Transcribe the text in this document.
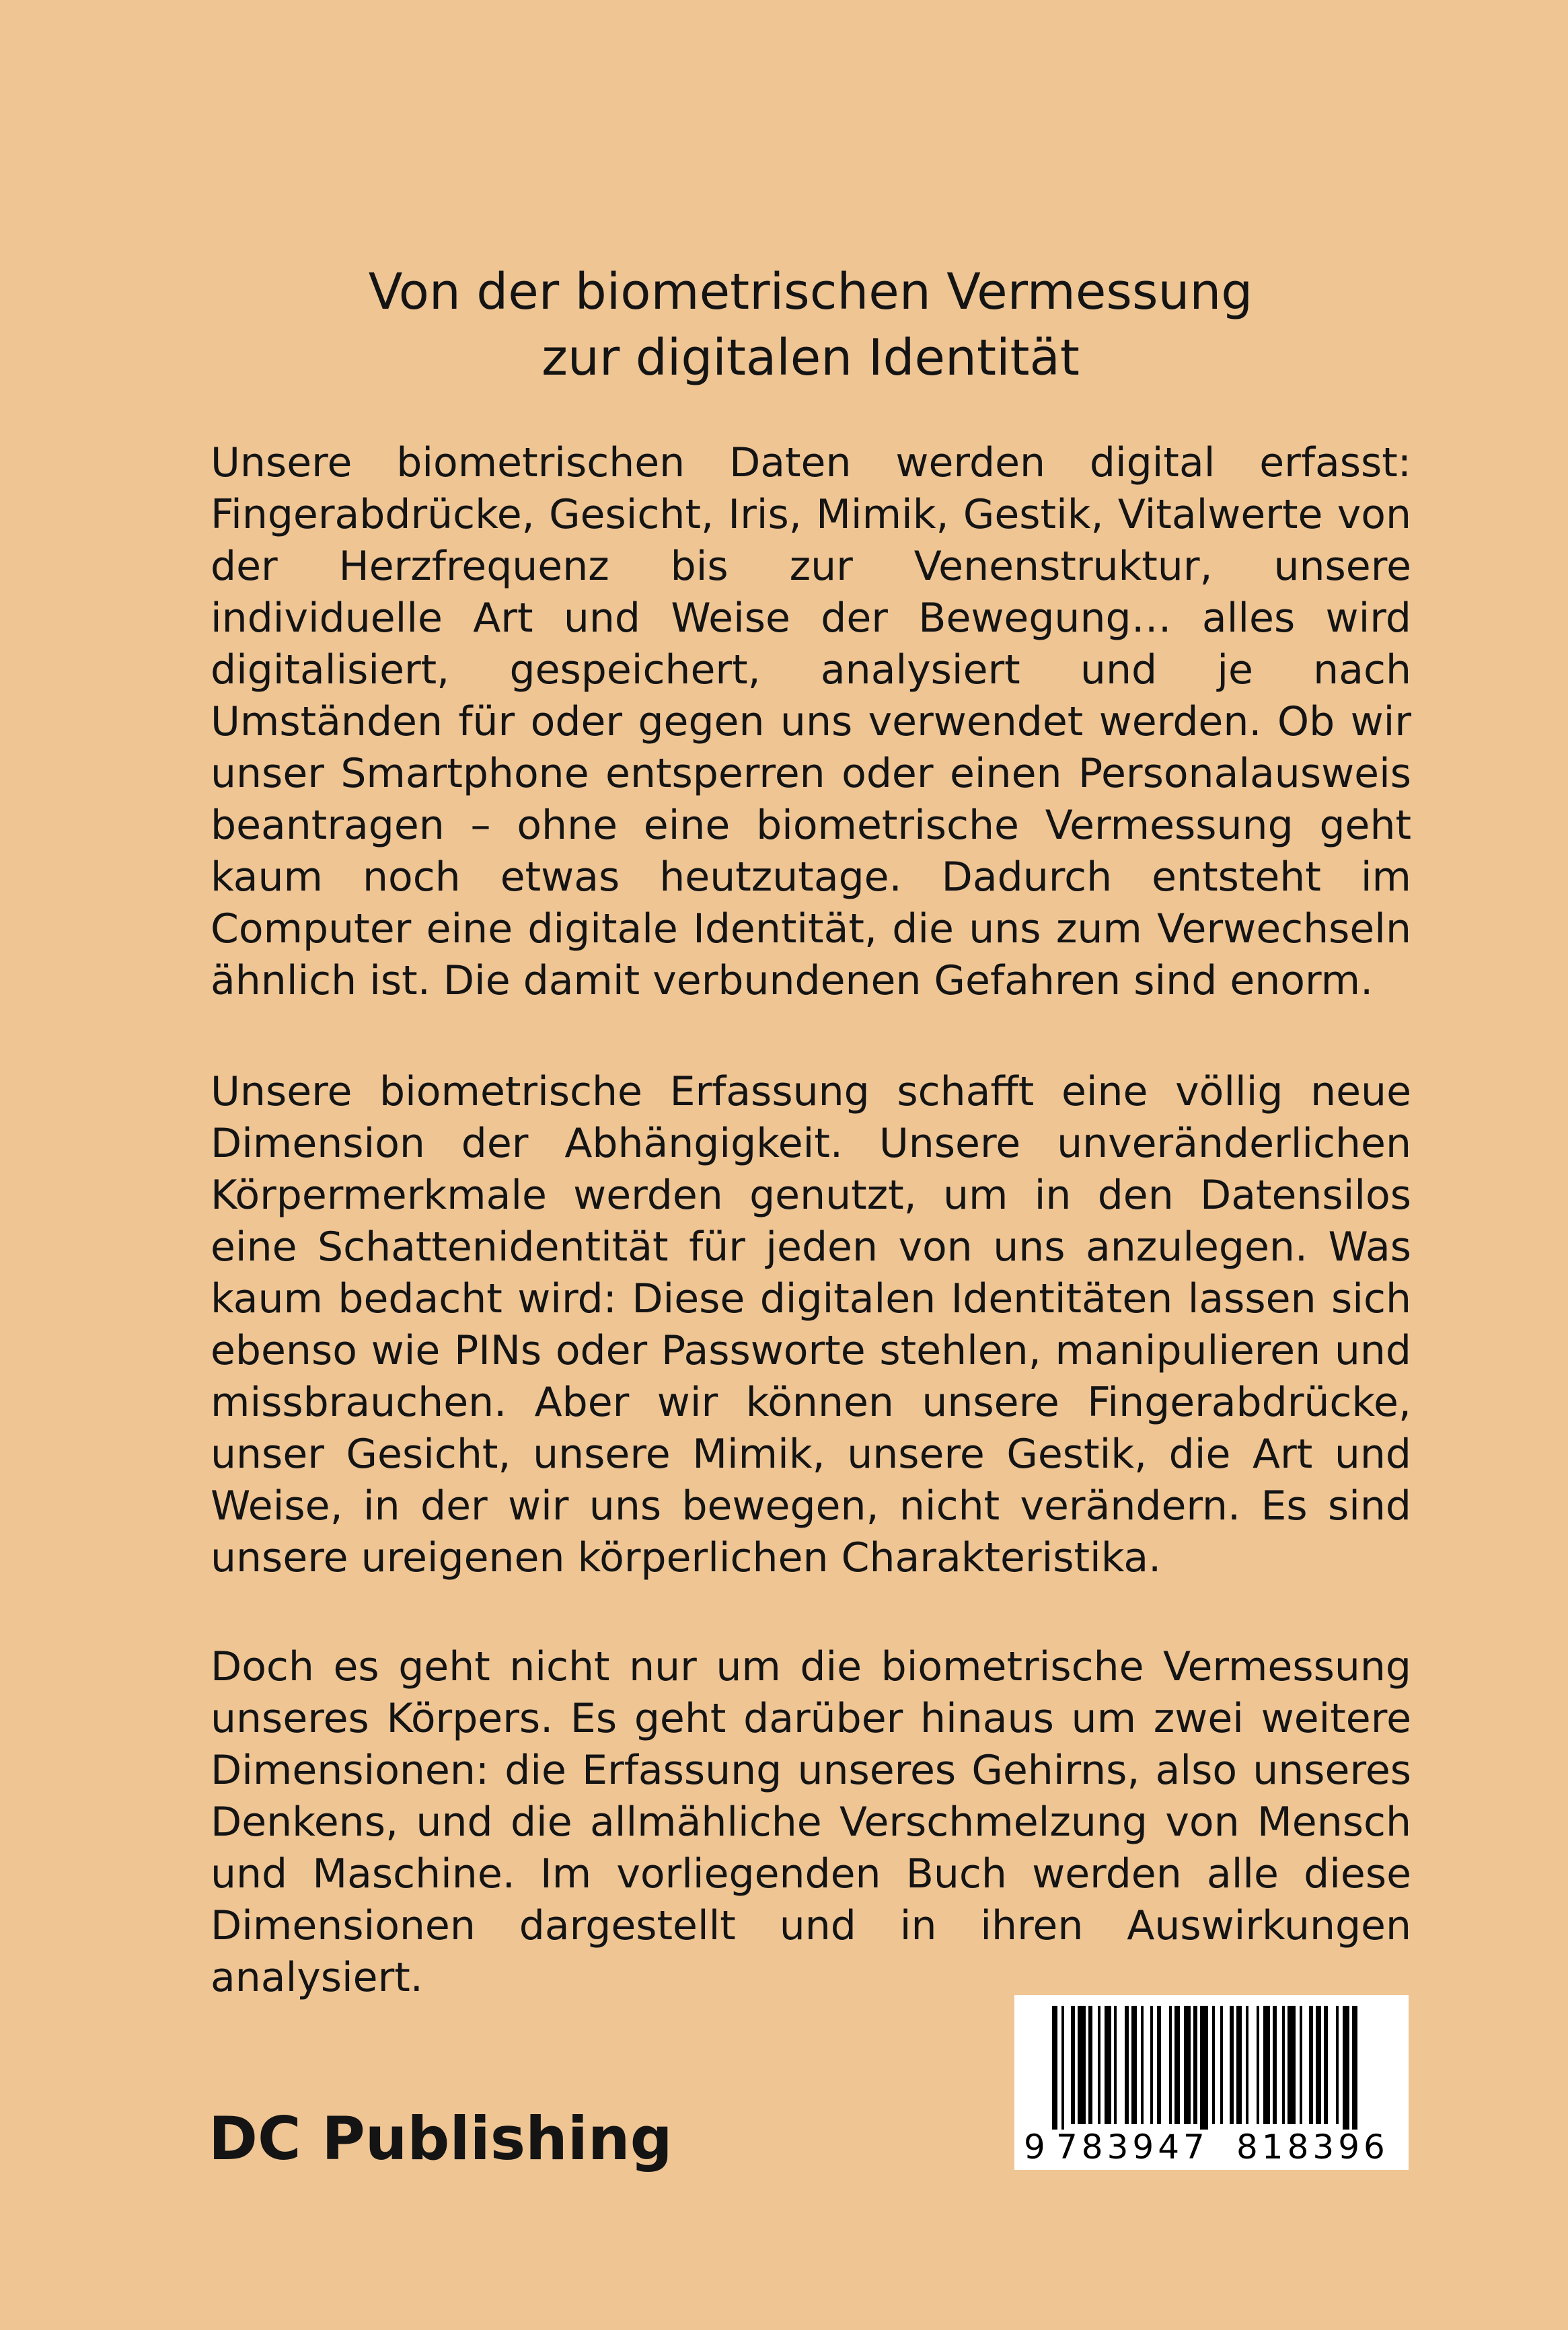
Von der biometrischen Vermessung
zur digitalen Identität

Unsere biometrischen Daten werden digital erfasst: Fingerabdrücke, Gesicht, Iris, Mimik, Gestik, Vitalwerte von der Herzfrequenz bis zur Venenstruktur, unsere individuelle Art und Weise der Bewegung… alles wird digitalisiert, gespeichert, analysiert und je nach Umständen für oder gegen uns verwendet werden. Ob wir unser Smartphone entsperren oder einen Personalausweis beantragen – ohne eine biometrische Vermessung geht kaum noch etwas heutzutage. Dadurch entsteht im Computer eine digitale Identität, die uns zum Verwechseln ähnlich ist. Die damit verbundenen Gefahren sind enorm.

Unsere biometrische Erfassung schafft eine völlig neue Dimension der Abhängigkeit. Unsere unveränderlichen Körpermerkmale werden genutzt, um in den Datensilos eine Schattenidentität für jeden von uns anzulegen. Was kaum bedacht wird: Diese digitalen Identitäten lassen sich ebenso wie PINs oder Passworte stehlen, manipulieren und missbrauchen. Aber wir können unsere Fingerabdrücke, unser Gesicht, unsere Mimik, unsere Gestik, die Art und Weise, in der wir uns bewegen, nicht verändern. Es sind unsere ureigenen körperlichen Charakteristika.

Doch es geht nicht nur um die biometrische Vermessung unseres Körpers. Es geht darüber hinaus um zwei weitere Dimensionen: die Erfassung unseres Gehirns, also unseres Denkens, und die allmähliche Verschmelzung von Mensch und Maschine. Im vorliegenden Buch werden alle diese Dimensionen dargestellt und in ihren Auswirkungen analysiert.

DC Publishing

	9

783947

818396
